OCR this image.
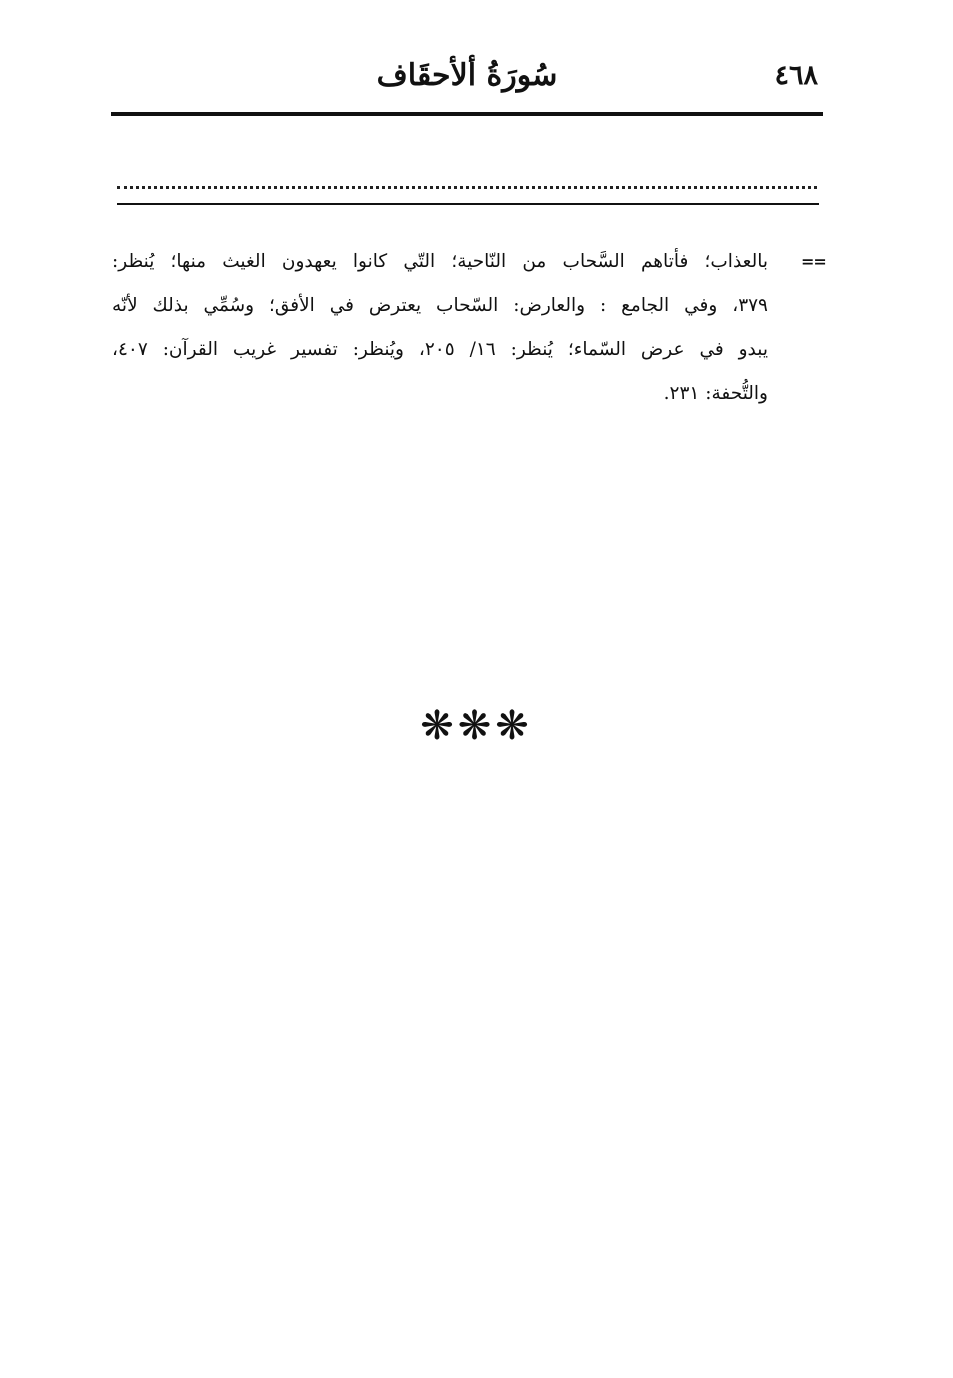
٤٦٨
سُورَةُ ألأحقَاف
==
بالعذاب؛ فأتاهم السَّحاب من النّاحية؛ التّي كانوا يعهدون الغيث منها؛ يُنظر:
٣٧٩، وفي الجامع : والعارض: السّحاب يعترض في الأفق؛ وسُمِّي بذلك لأنّه
يبدو في عرض السّماء؛ يُنظر: ١٦/ ٢٠٥، ويُنظر: تفسير غريب القرآن: ٤٠٧،
والتُّحفة: ٢٣١.
❋❋❋
